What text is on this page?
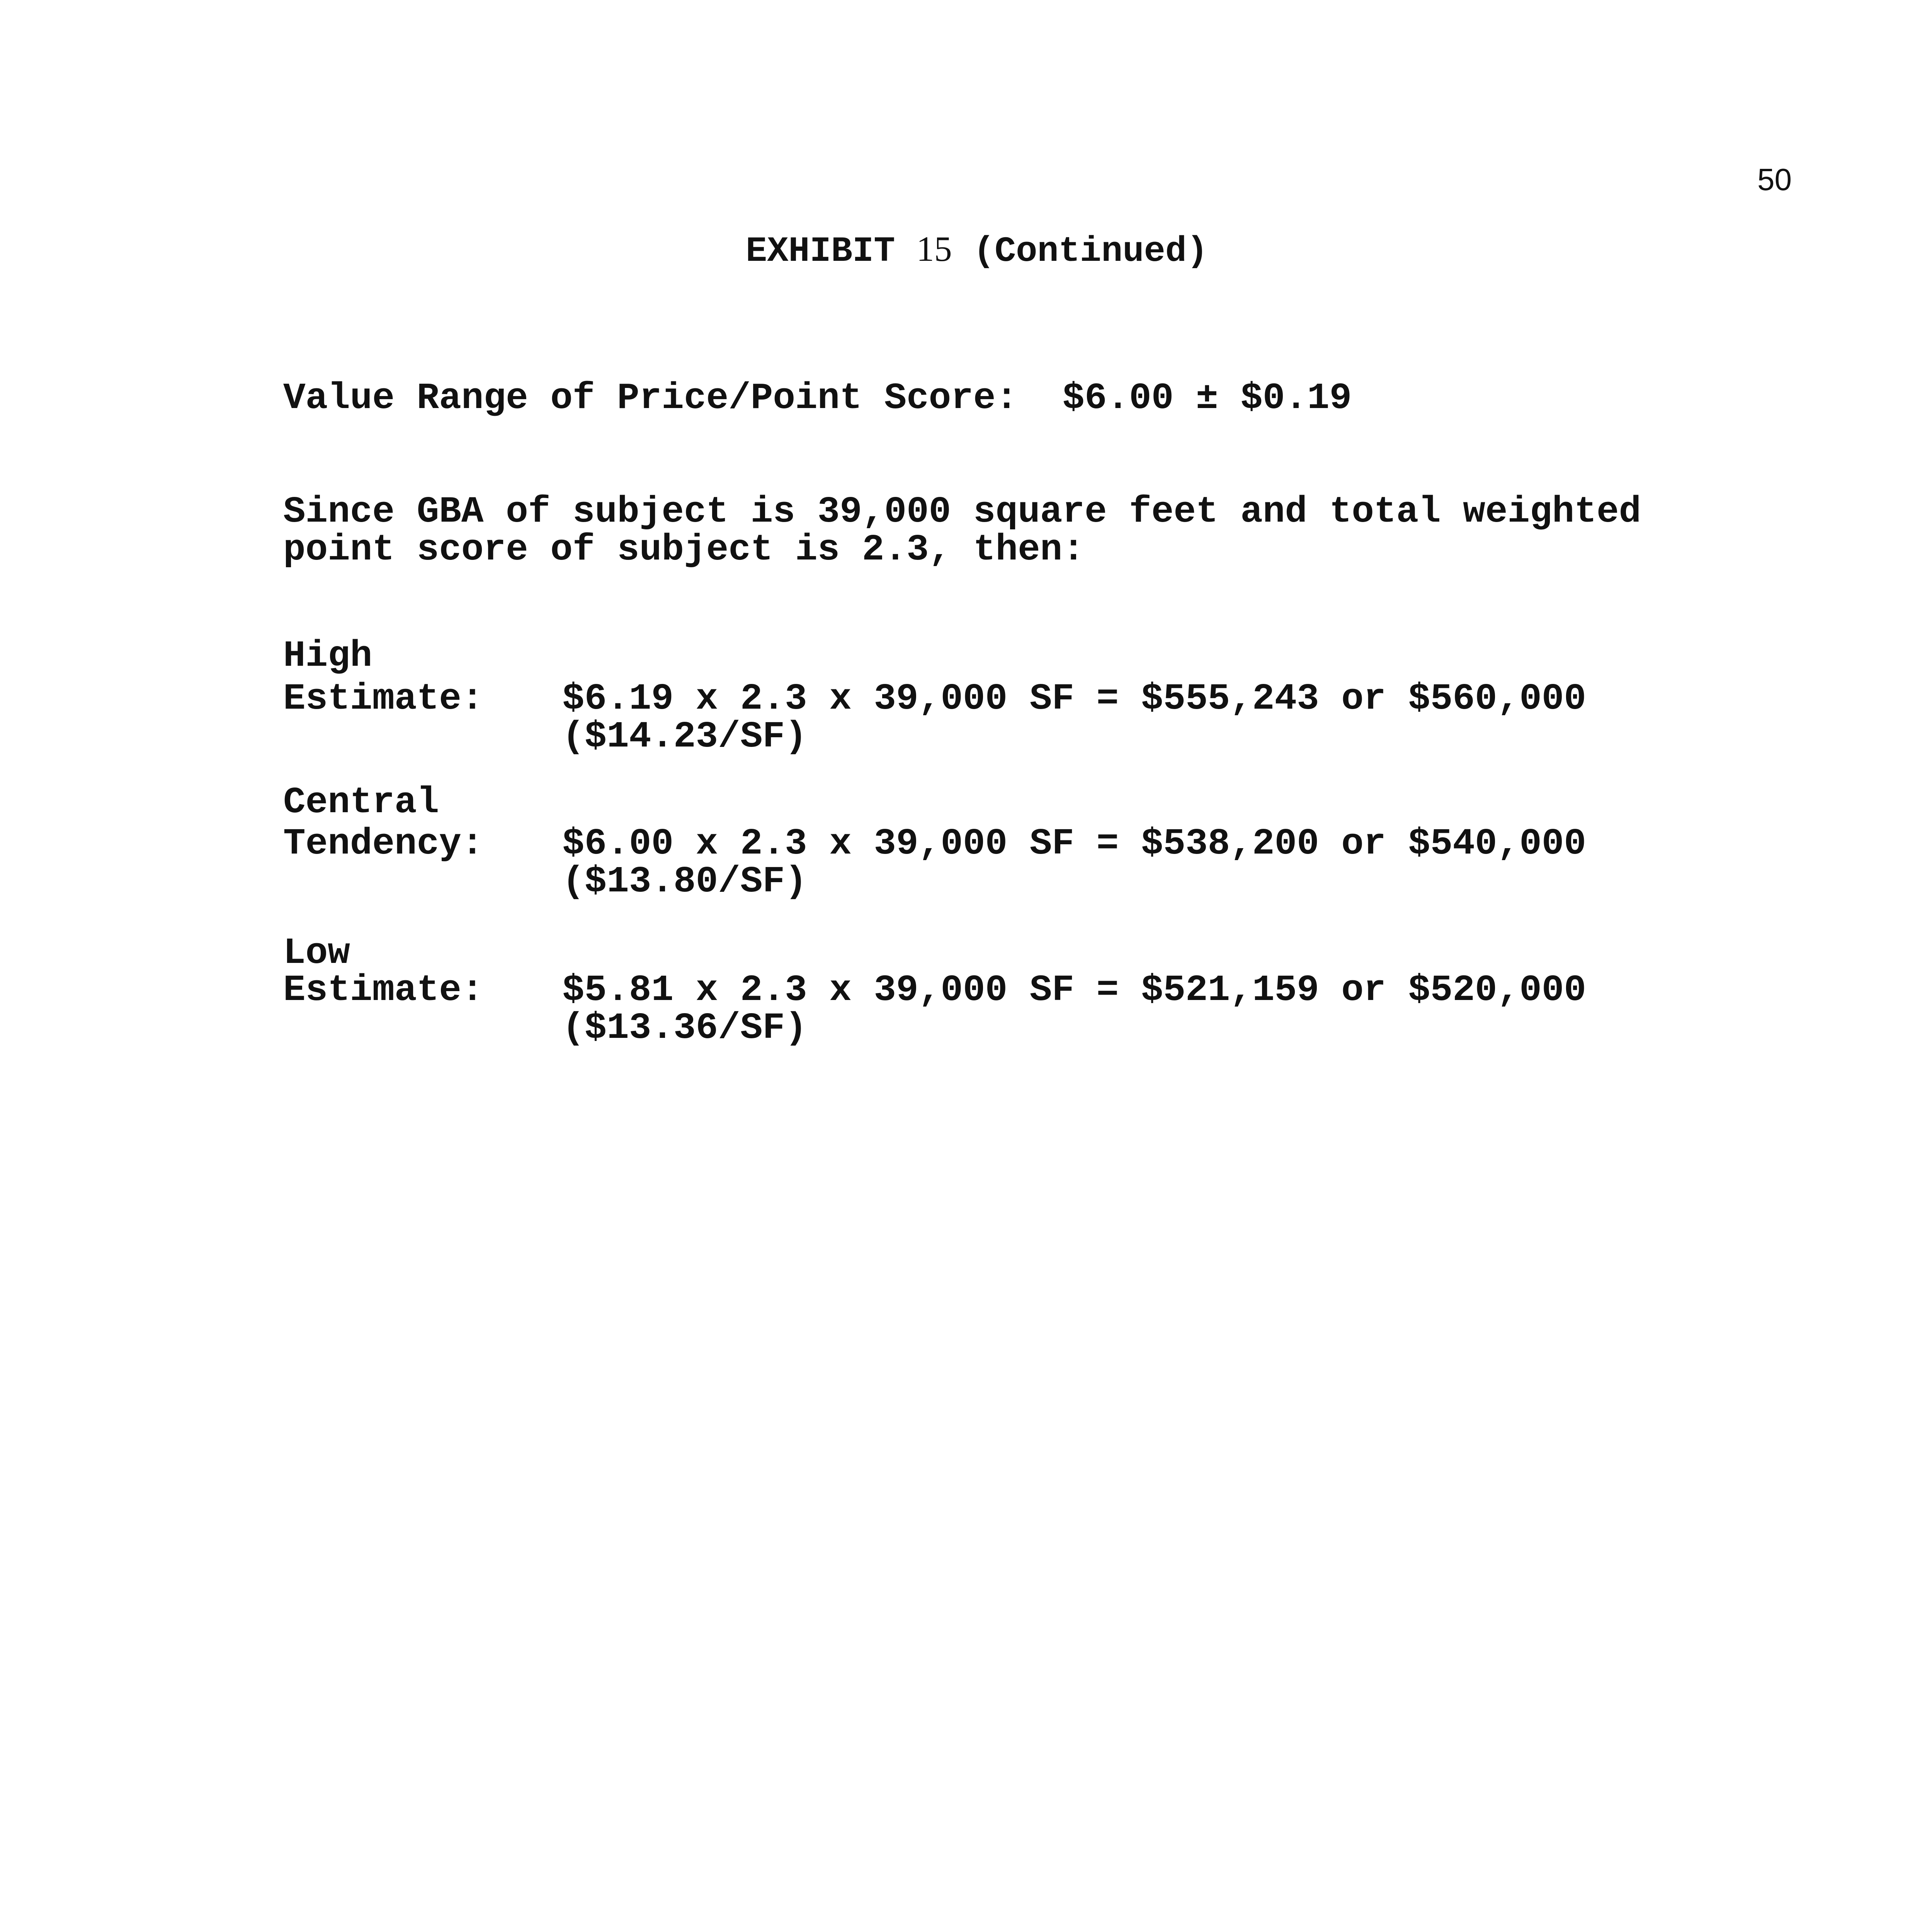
50
EXHIBIT 15 (Continued)
Value Range of Price/Point Score:  $6.00 ± $0.19
Since GBA of subject is 39,000 square feet and total weighted
point score of subject is 2.3, then:
High
Estimate: $6.19 x 2.3 x 39,000 SF = $555,243 or $560,000
($14.23/SF)
Central
Tendency: $6.00 x 2.3 x 39,000 SF = $538,200 or $540,000
($13.80/SF)
Low
Estimate: $5.81 x 2.3 x 39,000 SF = $521,159 or $520,000
($13.36/SF)
